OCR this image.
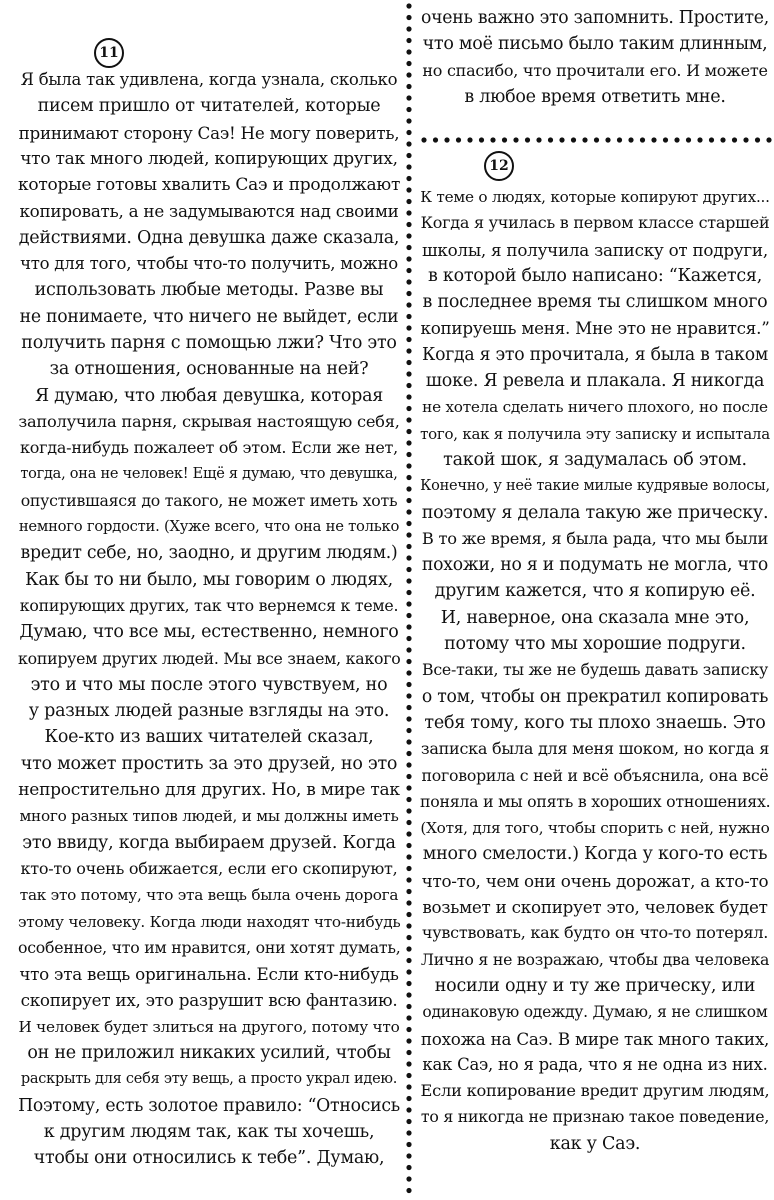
11
Я была так удивлена, когда узнала, сколько
писем пришло от читателей, которые
принимают сторону Саэ! Не могу поверить,
что так много людей, копирующих других,
которые готовы хвалить Саэ и продолжают
копировать, а не задумываются над своими
действиями. Одна девушка даже сказала,
что для того, чтобы что-то получить, можно
использовать любые методы. Разве вы
не понимаете, что ничего не выйдет, если
получить парня с помощью лжи? Что это
за отношения, основанные на ней?
Я думаю, что любая девушка, которая
заполучила парня, скрывая настоящую себя,
когда-нибудь пожалеет об этом. Если же нет,
тогда, она не человек! Ещё я думаю, что девушка,
опустившаяся до такого, не может иметь хоть
немного гордости. (Хуже всего, что она не только
вредит себе, но, заодно, и другим людям.)
Как бы то ни было, мы говорим о людях,
копирующих других, так что вернемся к теме.
Думаю, что все мы, естественно, немного
копируем других людей. Мы все знаем, какого
это и что мы после этого чувствуем, но
у разных людей разные взгляды на это.
Кое-кто из ваших читателей сказал,
что может простить за это друзей, но это
непростительно для других. Но, в мире так
много разных типов людей, и мы должны иметь
это ввиду, когда выбираем друзей. Когда
кто-то очень обижается, если его скопируют,
так это потому, что эта вещь была очень дорога
этому человеку. Когда люди находят что-нибудь
особенное, что им нравится, они хотят думать,
что эта вещь оригинальна. Если кто-нибудь
скопирует их, это разрушит всю фантазию.
И человек будет злиться на другого, потому что
он не приложил никаких усилий, чтобы
раскрыть для себя эту вещь, а просто украл идею.
Поэтому, есть золотое правило: “Относись
к другим людям так, как ты хочешь,
чтобы они относились к тебе”. Думаю,
очень важно это запомнить. Простите,
что моё письмо было таким длинным,
но спасибо, что прочитали его. И можете
в любое время ответить мне.
12
К теме о людях, которые копируют других...
Когда я училась в первом классе старшей
школы, я получила записку от подруги,
в которой было написано: “Кажется,
в последнее время ты слишком много
копируешь меня. Мне это не нравится.”
Когда я это прочитала, я была в таком
шоке. Я ревела и плакала. Я никогда
не хотела сделать ничего плохого, но после
того, как я получила эту записку и испытала
такой шок, я задумалась об этом.
Конечно, у неё такие милые кудрявые волосы,
поэтому я делала такую же прическу.
В то же время, я была рада, что мы были
похожи, но я и подумать не могла, что
другим кажется, что я копирую её.
И, наверное, она сказала мне это,
потому что мы хорошие подруги.
Все-таки, ты же не будешь давать записку
о том, чтобы он прекратил копировать
тебя тому, кого ты плохо знаешь. Это
записка была для меня шоком, но когда я
поговорила с ней и всё объяснила, она всё
поняла и мы опять в хороших отношениях.
(Хотя, для того, чтобы спорить с ней, нужно
много смелости.) Когда у кого-то есть
что-то, чем они очень дорожат, а кто-то
возьмет и скопирует это, человек будет
чувствовать, как будто он что-то потерял.
Лично я не возражаю, чтобы два человека
носили одну и ту же прическу, или
одинаковую одежду. Думаю, я не слишком
похожа на Саэ. В мире так много таких,
как Саэ, но я рада, что я не одна из них.
Если копирование вредит другим людям,
то я никогда не признаю такое поведение,
как у Саэ.
